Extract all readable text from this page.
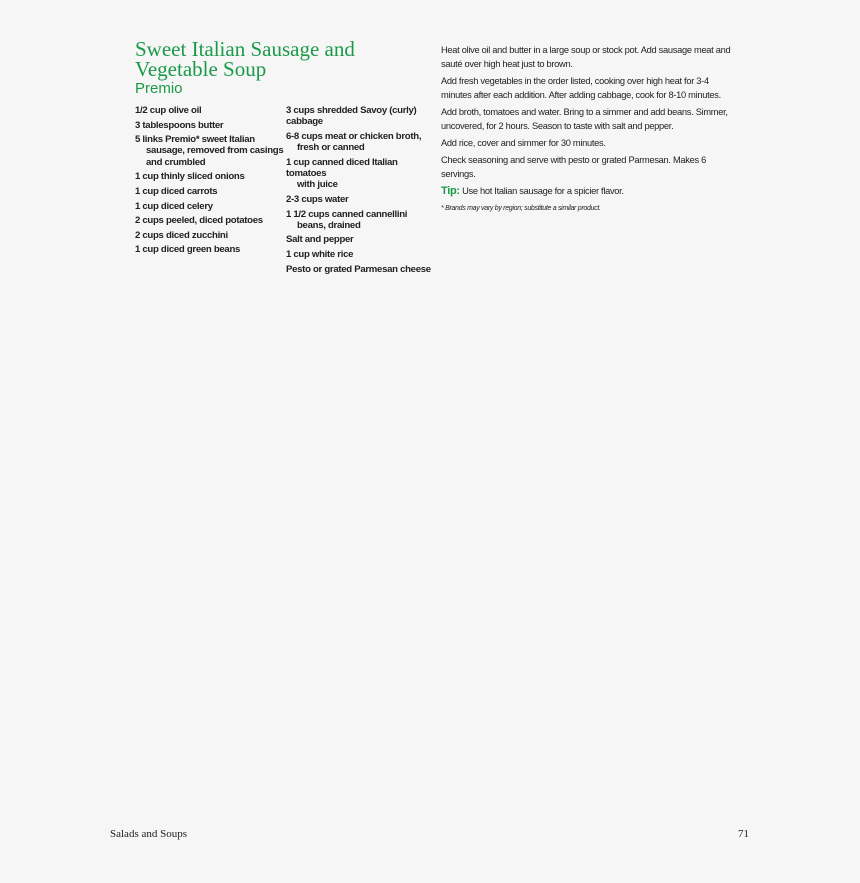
Sweet Italian Sausage and Vegetable Soup
Premio
1/2 cup olive oil
3 tablespoons butter
5 links Premio* sweet Italian
sausage, removed from casings and crumbled
1 cup thinly sliced onions
1 cup diced carrots
1 cup diced celery
2 cups peeled, diced potatoes
2 cups diced zucchini
1 cup diced green beans
3 cups shredded Savoy (curly) cabbage
6-8 cups meat or chicken broth,
fresh or canned
1 cup canned diced Italian tomatoes
with juice
2-3 cups water
1 1/2 cups canned cannellini
beans, drained
Salt and pepper
1 cup white rice
Pesto or grated Parmesan cheese

Heat olive oil and butter in a large soup or stock pot. Add sausage meat and sauté over high heat just to brown.

Add fresh vegetables in the order listed, cooking over high heat for 3-4 minutes after each addition. After adding cabbage, cook for 8-10 minutes.

Add broth, tomatoes and water. Bring to a simmer and add beans. Simmer, uncovered, for 2 hours. Season to taste with salt and pepper.

Add rice, cover and simmer for 30 minutes.

Check seasoning and serve with pesto or grated Parmesan. Makes 6 servings.

Tip: Use hot Italian sausage for a spicier flavor.

* Brands may vary by region; substitute a similar product.

Salads and Soups	71
